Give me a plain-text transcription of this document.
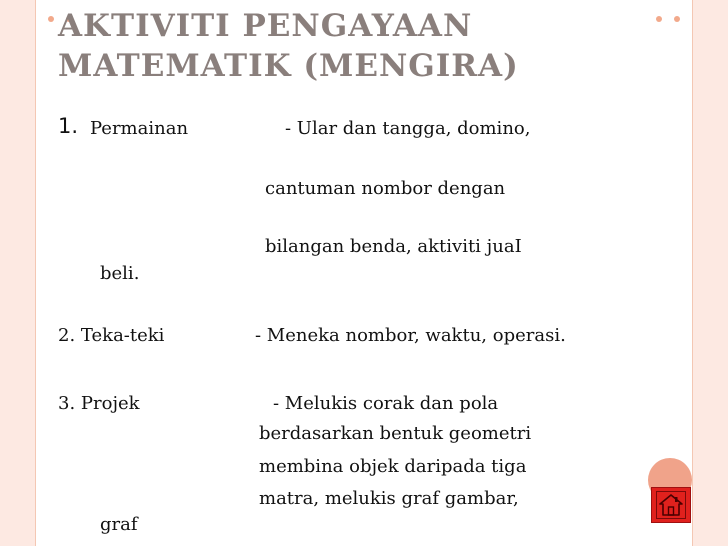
AKTIVITI PENGAYAAN
MATEMATIK (MENGIRA)
1. Permainan	- Ular dan tangga, domino,
cantuman nombor dengan
bilangan benda, aktiviti juaI
beli.
2. Teka-teki	- Meneka nombor, waktu, operasi.
3. Projek	- Melukis corak dan pola
berdasarkan bentuk geometri
membina objek daripada tiga
matra, melukis graf gambar,
graf
